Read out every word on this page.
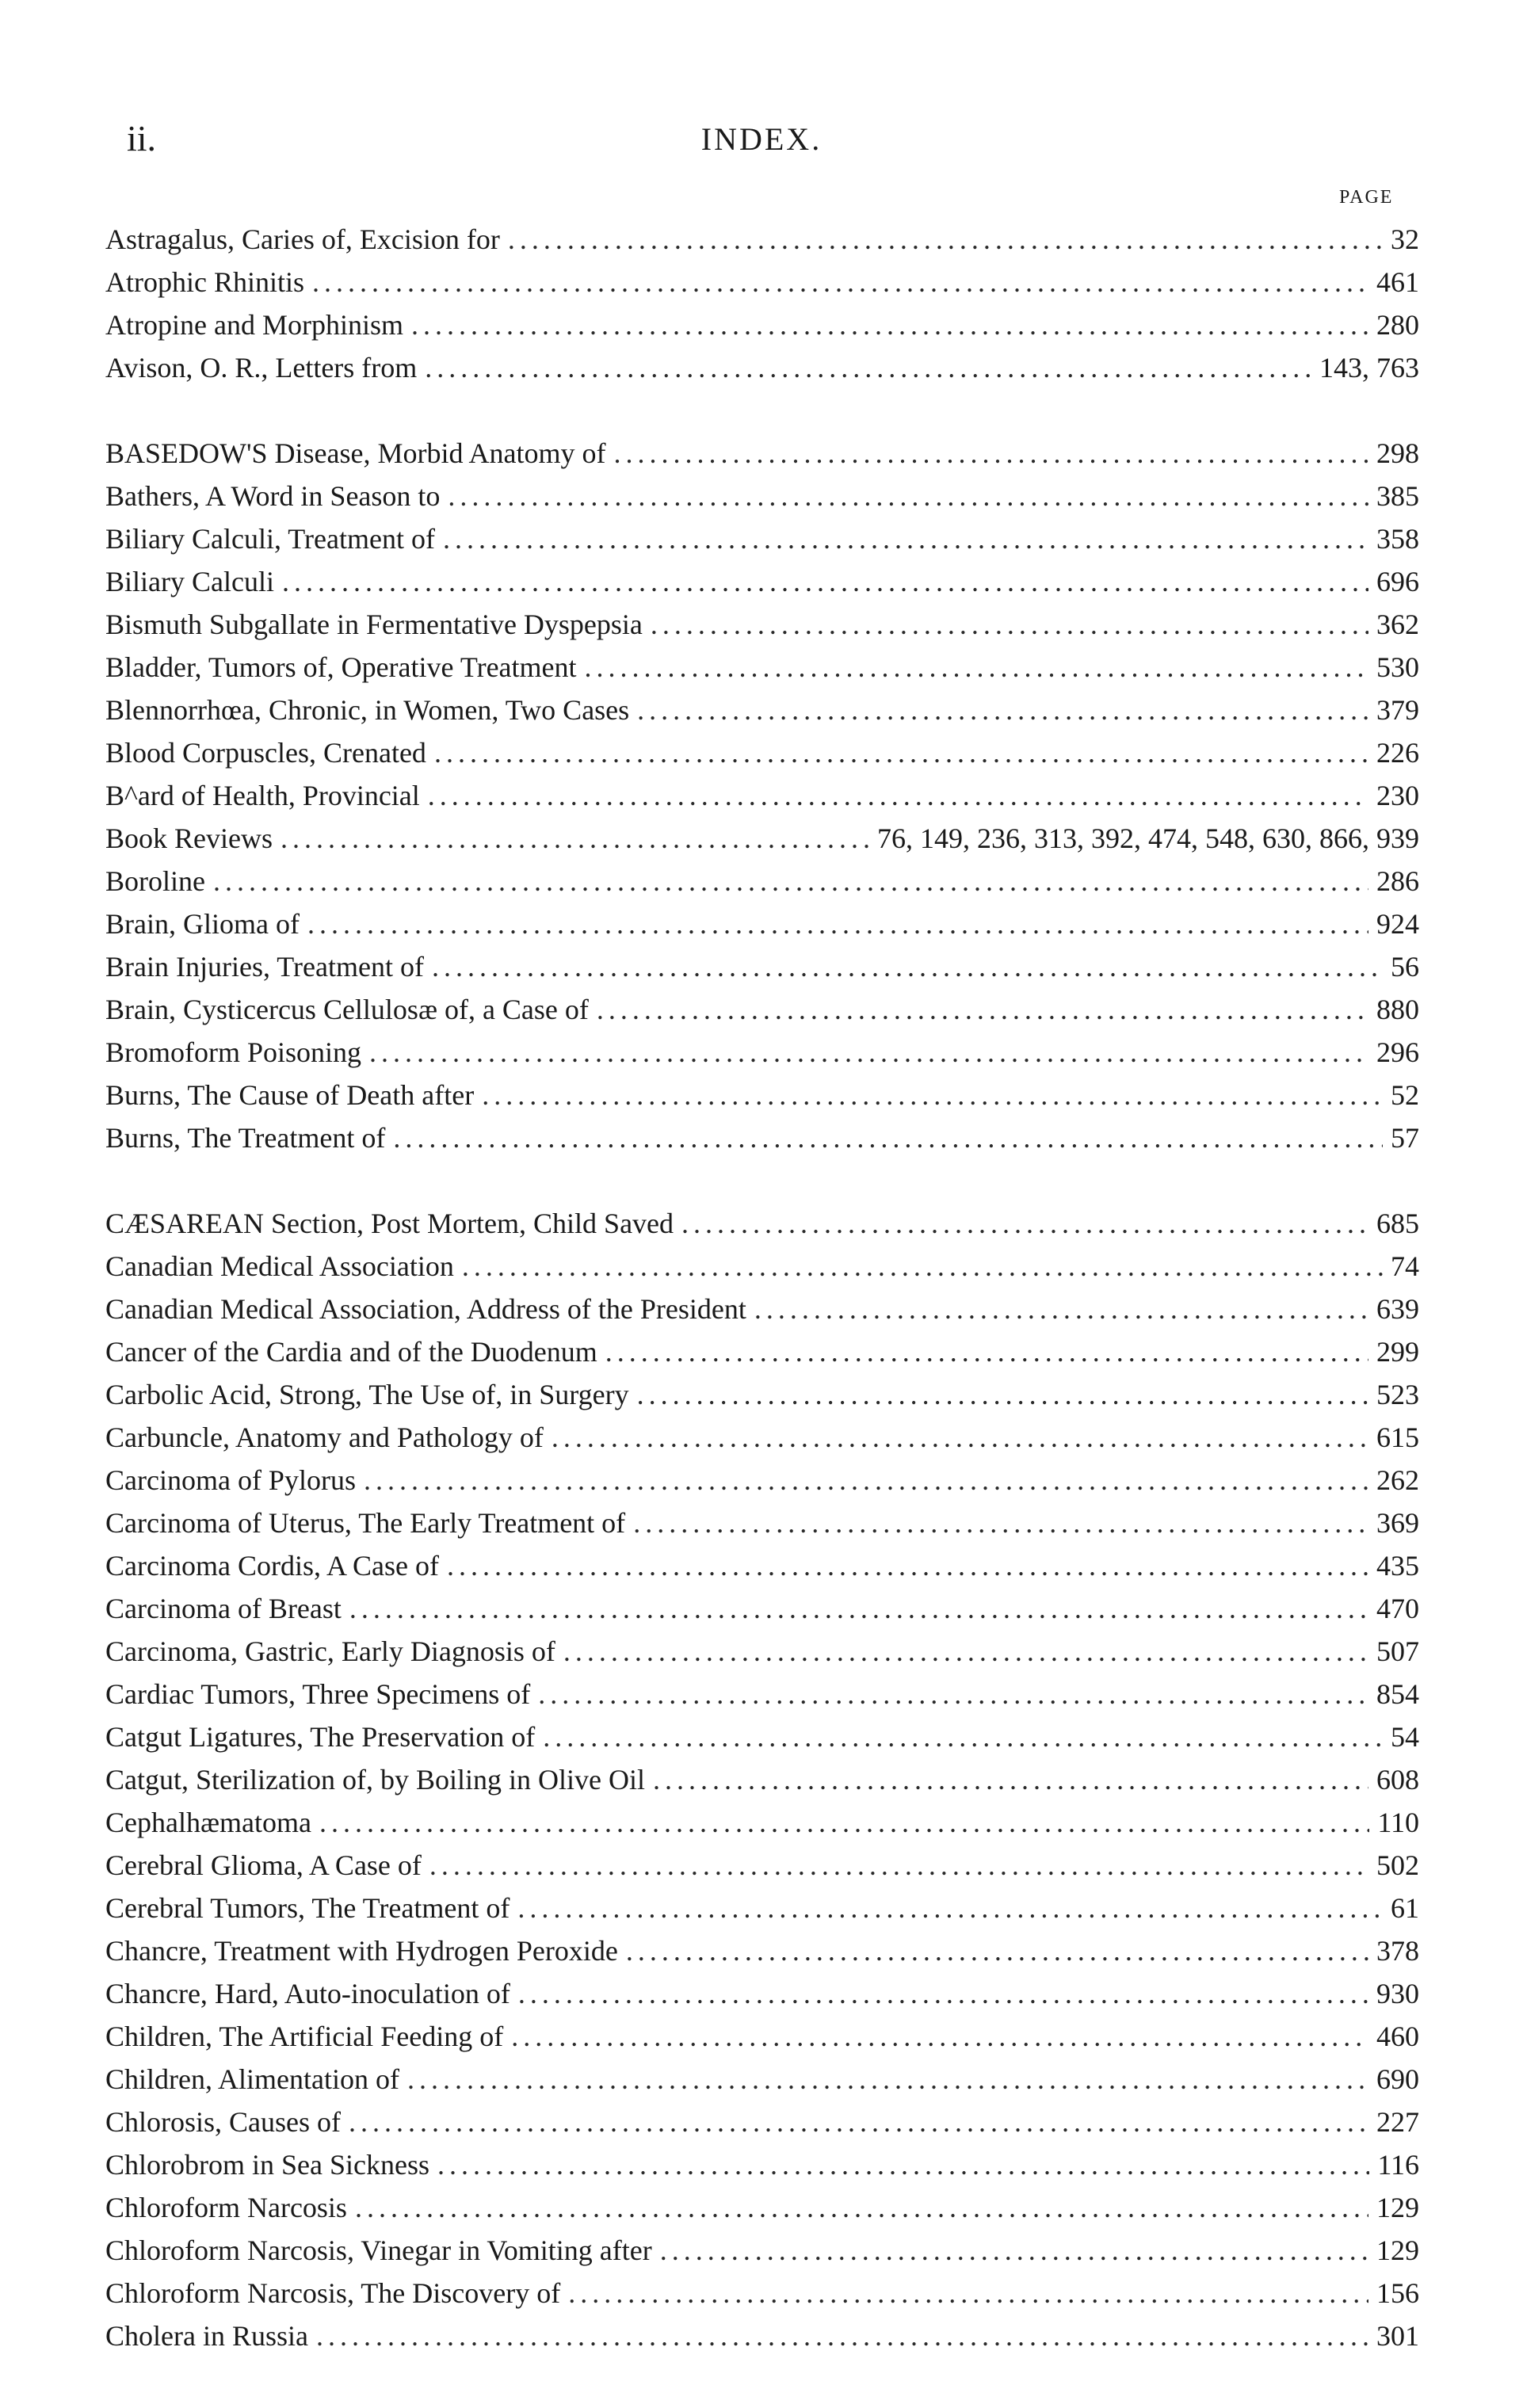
ii.	INDEX.
PAGE
Astragalus, Caries of, Excision for .....	32
Atrophic Rhinitis .....	461
Atropine and Morphinism .....	280
Avison, O. R., Letters from .....	143, 763
BASEDOW'S Disease, Morbid Anatomy of .....	298
Bathers, A Word in Season to .....	385
Biliary Calculi, Treatment of .....	358
Biliary Calculi .....	696
Bismuth Subgallate in Fermentative Dyspepsia .....	362
Bladder, Tumors of, Operative Treatment .....	530
Blennorrhœa, Chronic, in Women, Two Cases .....	379
Blood Corpuscles, Crenated .....	226
B^ard of Health, Provincial .....	230
Book Reviews .....	76, 149, 236, 313, 392, 474, 548, 630, 866, 939
Boroline .....	286
Brain, Glioma of .....	924
Brain Injuries, Treatment of .....	56
Brain, Cysticercus Cellulosæ of, a Case of .....	880
Bromoform Poisoning .....	296
Burns, The Cause of Death after .....	52
Burns, The Treatment of .....	57
CÆSAREAN Section, Post Mortem, Child Saved .....	685
Canadian Medical Association .....	74
Canadian Medical Association, Address of the President .....	639
Cancer of the Cardia and of the Duodenum .....	299
Carbolic Acid, Strong, The Use of, in Surgery .....	523
Carbuncle, Anatomy and Pathology of .....	615
Carcinoma of Pylorus .....	262
Carcinoma of Uterus, The Early Treatment of .....	369
Carcinoma Cordis, A Case of .....	435
Carcinoma of Breast .....	470
Carcinoma, Gastric, Early Diagnosis of .....	507
Cardiac Tumors, Three Specimens of .....	854
Catgut Ligatures, The Preservation of .....	54
Catgut, Sterilization of, by Boiling in Olive Oil .....	608
Cephalhæmatoma .....	110
Cerebral Glioma, A Case of .....	502
Cerebral Tumors, The Treatment of .....	61
Chancre, Treatment with Hydrogen Peroxide .....	378
Chancre, Hard, Auto-inoculation of .....	930
Children, The Artificial Feeding of .....	460
Children, Alimentation of .....	690
Chlorosis, Causes of .....	227
Chlorobrom in Sea Sickness .....	116
Chloroform Narcosis .....	129
Chloroform Narcosis, Vinegar in Vomiting after .....	129
Chloroform Narcosis, The Discovery of .....	156
Cholera in Russia .....	301
